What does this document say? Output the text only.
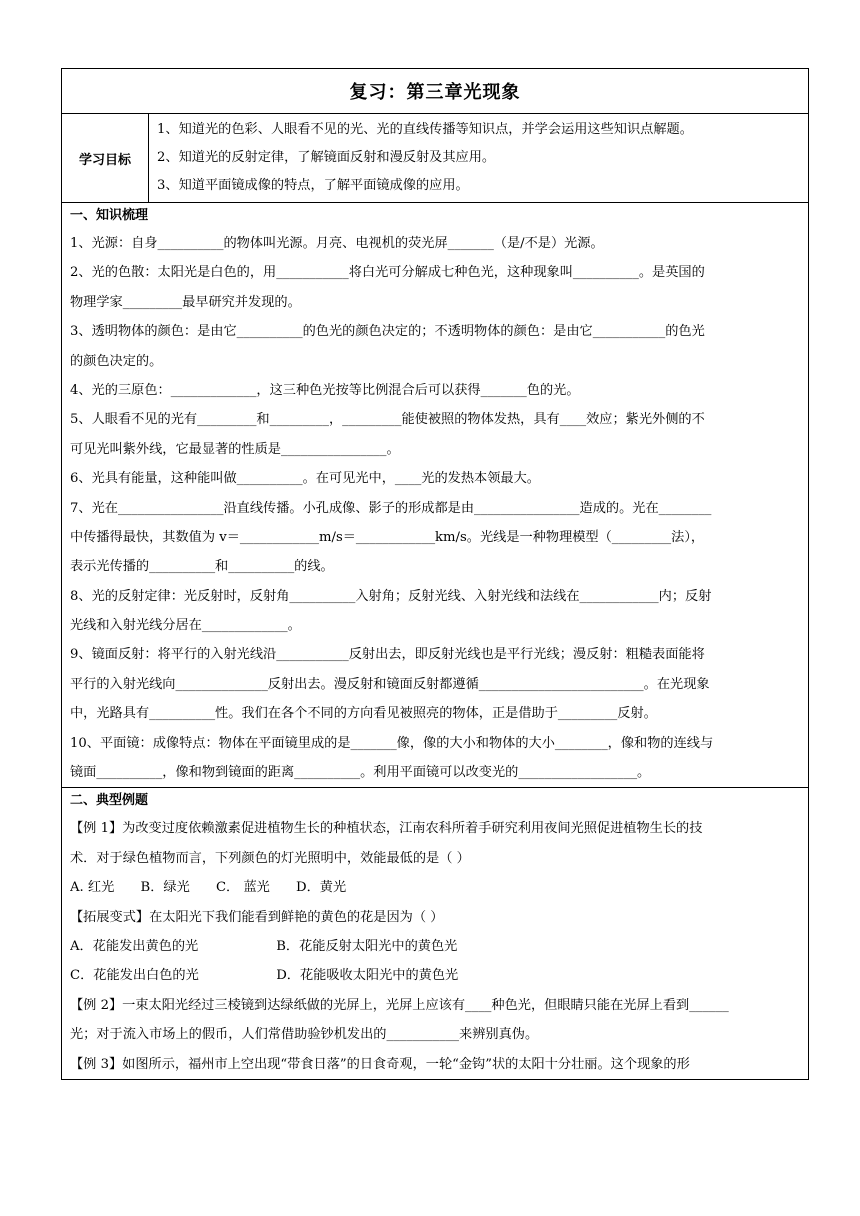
复习：第三章光现象
学习目标
1、知道光的色彩、人眼看不见的光、光的直线传播等知识点，并学会运用这些知识点解题。
2、知道光的反射定律，了解镜面反射和漫反射及其应用。
3、知道平面镜成像的特点，了解平面镜成像的应用。
一、知识梳理
1、光源：自身__________的物体叫光源。月亮、电视机的荧光屏_______（是/不是）光源。
2、光的色散：太阳光是白色的，用___________将白光可分解成七种色光，这种现象叫__________。是英国的
物理学家_________最早研究并发现的。
3、透明物体的颜色：是由它__________的色光的颜色决定的；不透明物体的颜色：是由它___________的色光
的颜色决定的。
4、光的三原色：_____________，这三种色光按等比例混合后可以获得_______色的光。
5、人眼看不见的光有_________和_________，_________能使被照的物体发热，具有____效应；紫光外侧的不
可见光叫紫外线，它最显著的性质是________________。
6、光具有能量，这种能叫做__________。在可见光中，____光的发热本领最大。
7、光在________________沿直线传播。小孔成像、影子的形成都是由________________造成的。光在________
中传播得最快，其数值为 v＝____________m/s＝____________km/s。光线是一种物理模型（_________法），
表示光传播的__________和__________的线。
8、光的反射定律：光反射时，反射角__________入射角；反射光线、入射光线和法线在____________内；反射
光线和入射光线分居在_____________。
9、镜面反射：将平行的入射光线沿___________反射出去，即反射光线也是平行光线；漫反射：粗糙表面能将
平行的入射光线向______________反射出去。漫反射和镜面反射都遵循_________________________。在光现象
中，光路具有__________性。我们在各个不同的方向看见被照亮的物体，正是借助于_________反射。
10、平面镜：成像特点：物体在平面镜里成的是_______像，像的大小和物体的大小________，像和物的连线与
镜面__________，像和物到镜面的距离__________。利用平面镜可以改变光的__________________。
二、典型例题
【例 1】为改变过度依赖激素促进植物生长的种植状态，江南农科所着手研究利用夜间光照促进植物生长的技
术．对于绿色植物而言，下列颜色的灯光照明中，效能最低的是（ ）
A. 红光 B．绿光 C． 蓝光 D．黄光
【拓展变式】在太阳光下我们能看到鲜艳的黄色的花是因为（ ）
A．花能发出黄色的光	B．花能反射太阳光中的黄色光
C．花能发出白色的光	D．花能吸收太阳光中的黄色光
【例 2】一束太阳光经过三棱镜到达绿纸做的光屏上，光屏上应该有____种色光，但眼睛只能在光屏上看到______
光；对于流入市场上的假币，人们常借助验钞机发出的___________来辨别真伪。
【例 3】如图所示，福州市上空出现“带食日落”的日食奇观，一轮“金钩”状的太阳十分壮丽。这个现象的形
